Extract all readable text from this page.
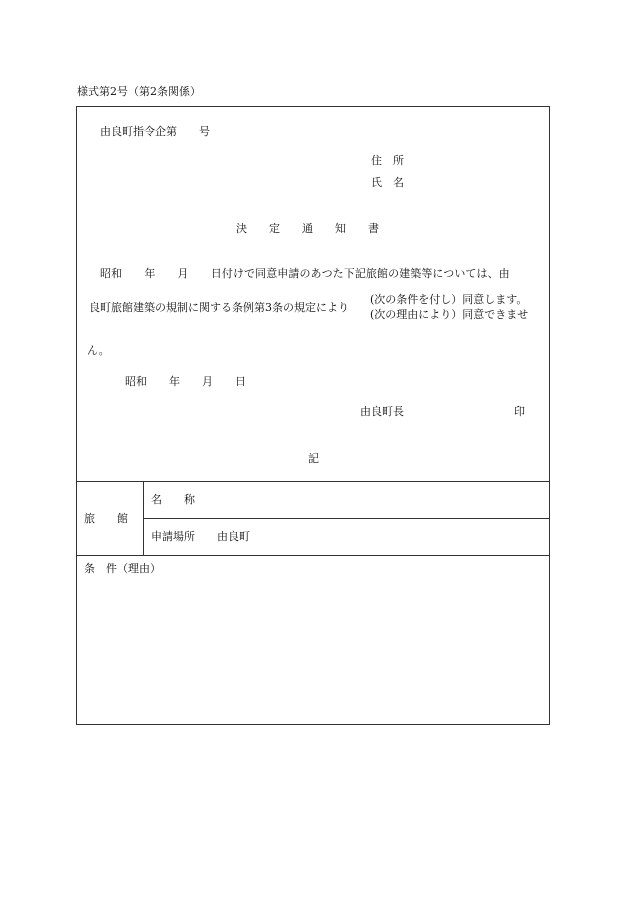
様式第2号（第2条関係）
由良町指令企第　　号
住　所
氏　名
決　　定　　通　　知　　書
昭和　　年　　月　　日付けで同意申請のあつた下記旅館の建築等については、由
良町旅館建築の規制に関する条例第3条の規定により
(次の条件を付し）同意します。
(次の理由により）同意できませ
ん。
昭和　　年　　月　　日
由良町長	印
記
旅　　館
名　　称
申請場所　　由良町
条　件（理由）
